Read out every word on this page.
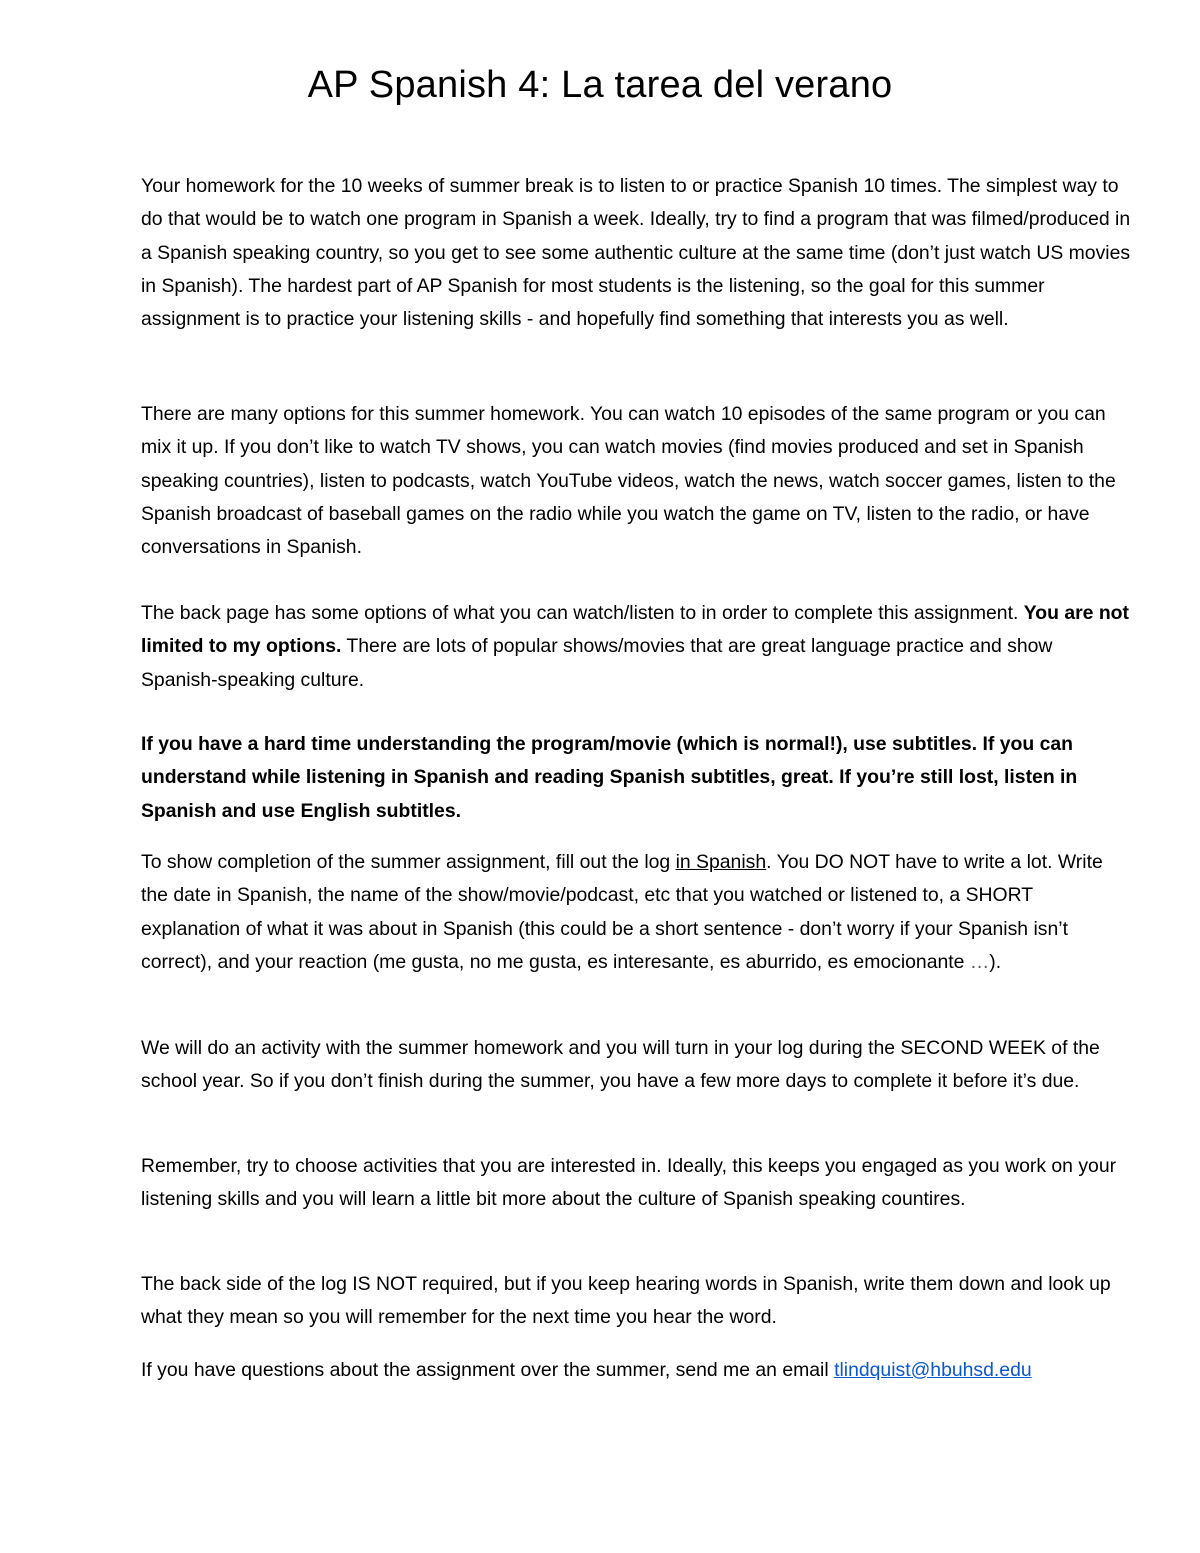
AP Spanish 4: La tarea del verano

Your homework for the 10 weeks of summer break is to listen to or practice Spanish 10 times. The simplest way to do that would be to watch one program in Spanish a week. Ideally, try to find a program that was filmed/produced in a Spanish speaking country, so you get to see some authentic culture at the same time (don’t just watch US movies in Spanish). The hardest part of AP Spanish for most students is the listening, so the goal for this summer assignment is to practice your listening skills - and hopefully find something that interests you as well.

There are many options for this summer homework. You can watch 10 episodes of the same program or you can mix it up. If you don’t like to watch TV shows, you can watch movies (find movies produced and set in Spanish speaking countries), listen to podcasts, watch YouTube videos, watch the news, watch soccer games, listen to the Spanish broadcast of baseball games on the radio while you watch the game on TV, listen to the radio, or have conversations in Spanish.

The back page has some options of what you can watch/listen to in order to complete this assignment. You are not limited to my options. There are lots of popular shows/movies that are great language practice and show Spanish-speaking culture.

If you have a hard time understanding the program/movie (which is normal!), use subtitles. If you can understand while listening in Spanish and reading Spanish subtitles, great. If you’re still lost, listen in Spanish and use English subtitles.

To show completion of the summer assignment, fill out the log in Spanish. You DO NOT have to write a lot. Write the date in Spanish, the name of the show/movie/podcast, etc that you watched or listened to, a SHORT explanation of what it was about in Spanish (this could be a short sentence - don’t worry if your Spanish isn’t correct), and your reaction (me gusta, no me gusta, es interesante, es aburrido, es emocionante …).

We will do an activity with the summer homework and you will turn in your log during the SECOND WEEK of the school year. So if you don’t finish during the summer, you have a few more days to complete it before it’s due.

Remember, try to choose activities that you are interested in. Ideally, this keeps you engaged as you work on your listening skills and you will learn a little bit more about the culture of Spanish speaking countires.

The back side of the log IS NOT required, but if you keep hearing words in Spanish, write them down and look up what they mean so you will remember for the next time you hear the word.

If you have questions about the assignment over the summer, send me an email tlindquist@hbuhsd.edu
